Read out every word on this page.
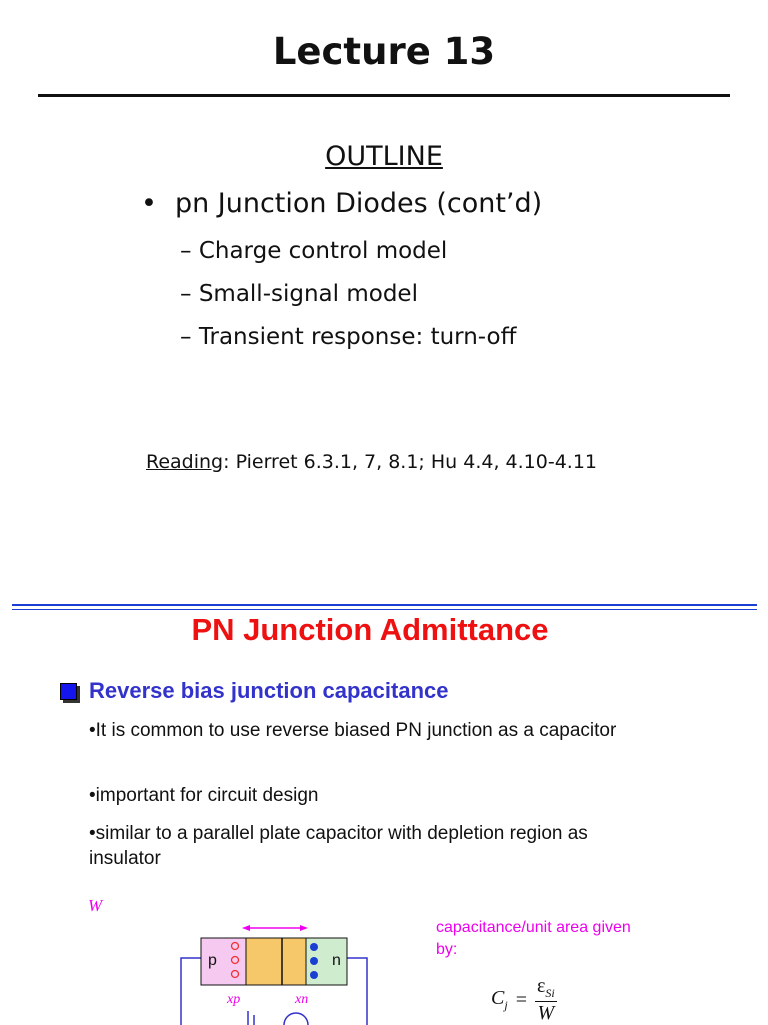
Lecture 13
OUTLINE
• pn Junction Diodes (cont’d)
– Charge control model
– Small-signal model
– Transient response: turn-off
Reading: Pierret 6.3.1, 7, 8.1; Hu 4.4, 4.10-4.11
PN Junction Admittance
Reverse bias junction capacitance
•It is common to use reverse biased PN junction as a capacitor
•important for circuit design
•similar to a parallel plate capacitor with depletion region as insulator
W
p	n
xp	xn
capacitance/unit area given by:
$C_j = \frac{\varepsilon_{Si}}{W}$
